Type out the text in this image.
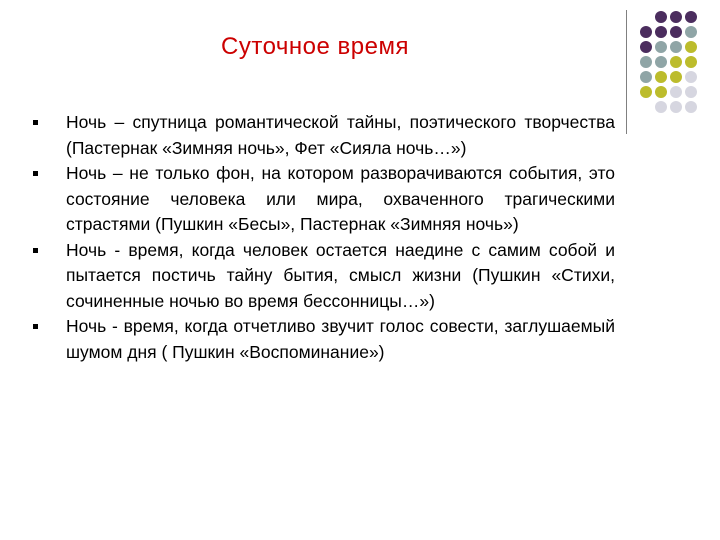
Суточное время
Ночь – спутница романтической тайны, поэтического творчества (Пастернак «Зимняя ночь», Фет «Сияла ночь…»)
Ночь – не только фон, на котором разворачиваются события, это состояние человека или мира, охваченного трагическими страстями (Пушкин «Бесы», Пастернак «Зимняя ночь»)
Ночь - время, когда человек остается наедине с самим собой и пытается постичь тайну бытия, смысл жизни (Пушкин «Стихи, сочиненные ночью во время бессонницы…»)
Ночь - время, когда отчетливо звучит голос совести, заглушаемый шумом дня ( Пушкин «Воспоминание»)
